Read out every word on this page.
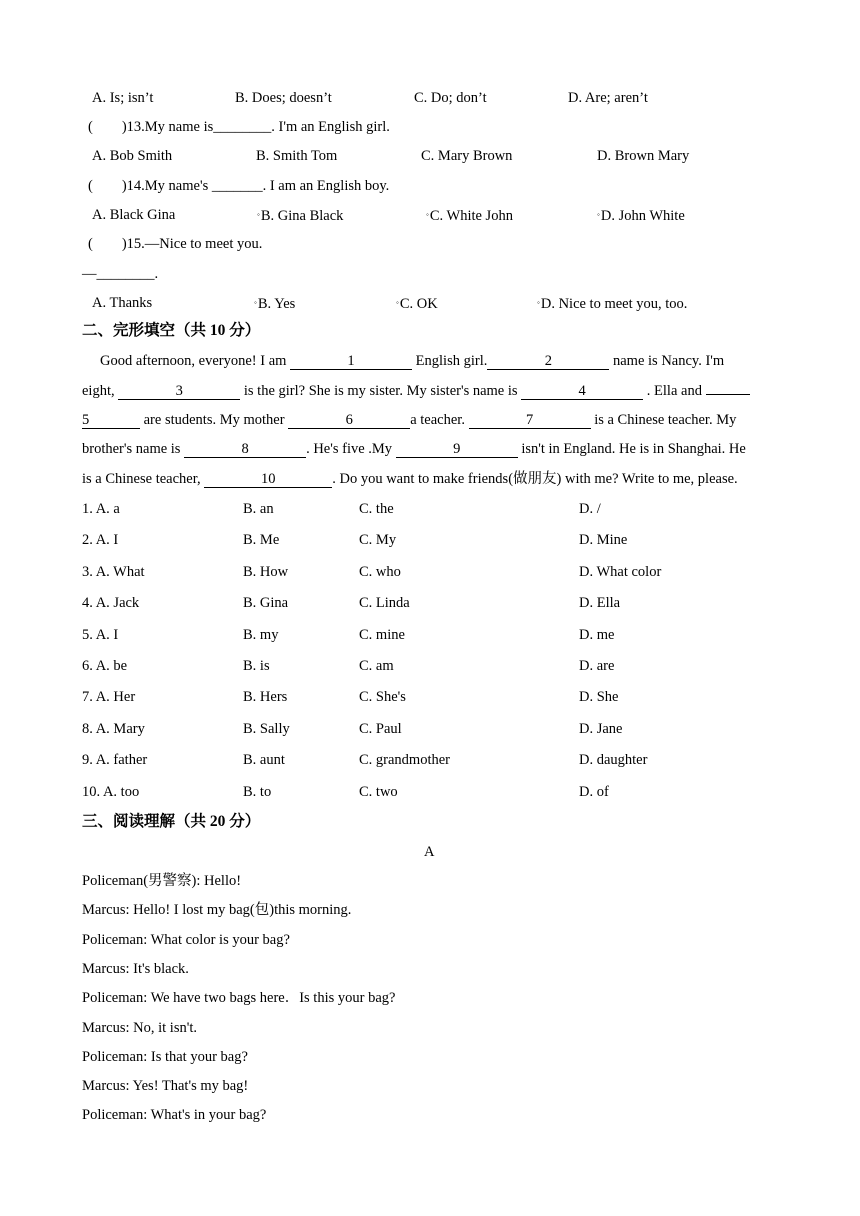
A. Is; isn’t	B. Does; doesn’t	C. Do; don’t	D. Are; aren’t
(　　)13.My name is________. I'm an English girl.
A. Bob Smith	B. Smith Tom	C. Mary Brown	D. Brown Mary
(　　)14.My name's _______. I am an English boy.
A. Black Gina	◦B. Gina Black	◦C. White John	◦D. John White
(　　)15.—Nice to meet you.
—________.
A. Thanks	◦B. Yes	◦C. OK	◦D. Nice to meet you, too.
二、完形填空（共 10 分）
Good afternoon, everyone! I am	1	English girl.	2	name is Nancy. I'm
eight,	3	is the girl? She is my sister. My sister's name is	4	. Ella and
5	are students. My mother	6	a teacher.	7	is a Chinese teacher. My
brother's name is	8	. He's five .My	9	isn't in England. He is in Shanghai. He
is a Chinese teacher,	10	. Do you want to make friends(做朋友) with me? Write to me, please.
1. A. a	B. an	C. the	D. /
2. A. I	B. Me	C. My	D. Mine
3. A. What	B. How	C. who	D. What color
4. A. Jack	B. Gina	C. Linda	D. Ella
5. A. I	B. my	C. mine	D. me
6. A. be	B. is	C. am	D. are
7. A. Her	B. Hers	C. She's	D. She
8. A. Mary	B. Sally	C. Paul	D. Jane
9. A. father	B. aunt	C. grandmother	D. daughter
10. A. too	B. to	C. two	D. of
三、阅读理解（共 20 分）
A
Policeman(男警察): Hello!
Marcus: Hello! I lost my bag(包)this morning.
Policeman: What color is your bag?
Marcus: It's black.
Policeman: We have two bags here．Is this your bag?
Marcus: No, it isn't.
Policeman: Is that your bag?
Marcus: Yes! That's my bag!
Policeman: What's in your bag?
